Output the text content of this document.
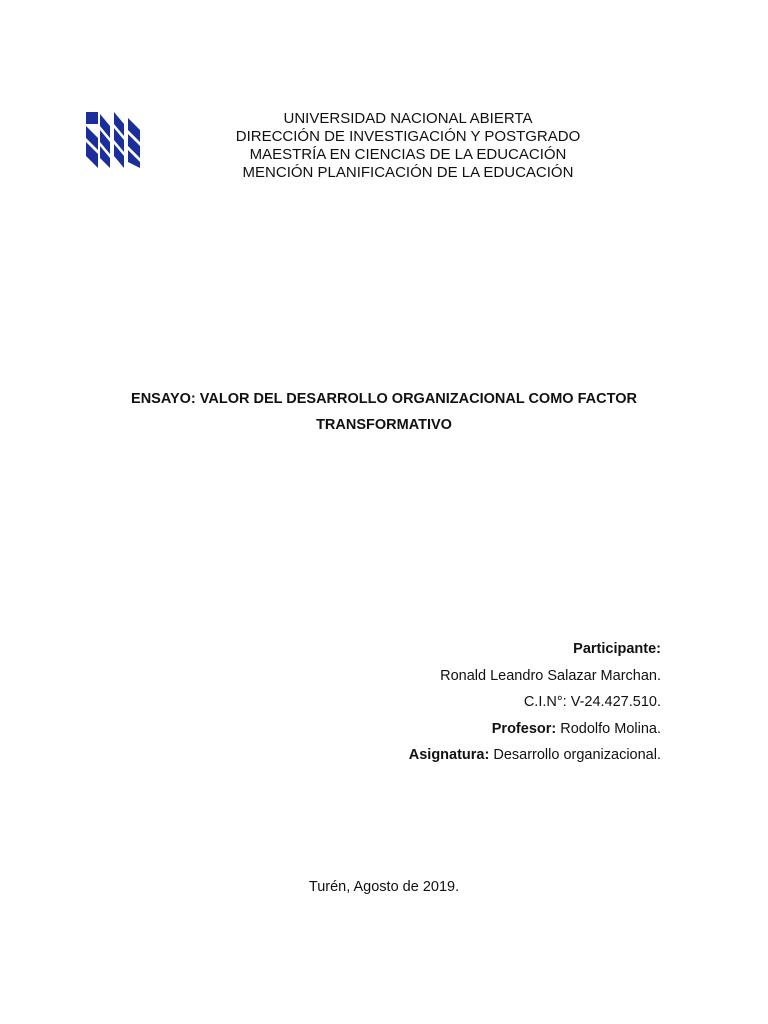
UNIVERSIDAD NACIONAL ABIERTA
DIRECCIÓN DE INVESTIGACIÓN Y POSTGRADO
MAESTRÍA EN CIENCIAS DE LA EDUCACIÓN
MENCIÓN PLANIFICACIÓN DE LA EDUCACIÓN
ENSAYO: VALOR DEL DESARROLLO ORGANIZACIONAL COMO FACTOR
TRANSFORMATIVO
Participante:
Ronald Leandro Salazar Marchan.
C.I.N°: V-24.427.510.
Profesor: Rodolfo Molina.
Asignatura: Desarrollo organizacional.
Turén, Agosto de 2019.
